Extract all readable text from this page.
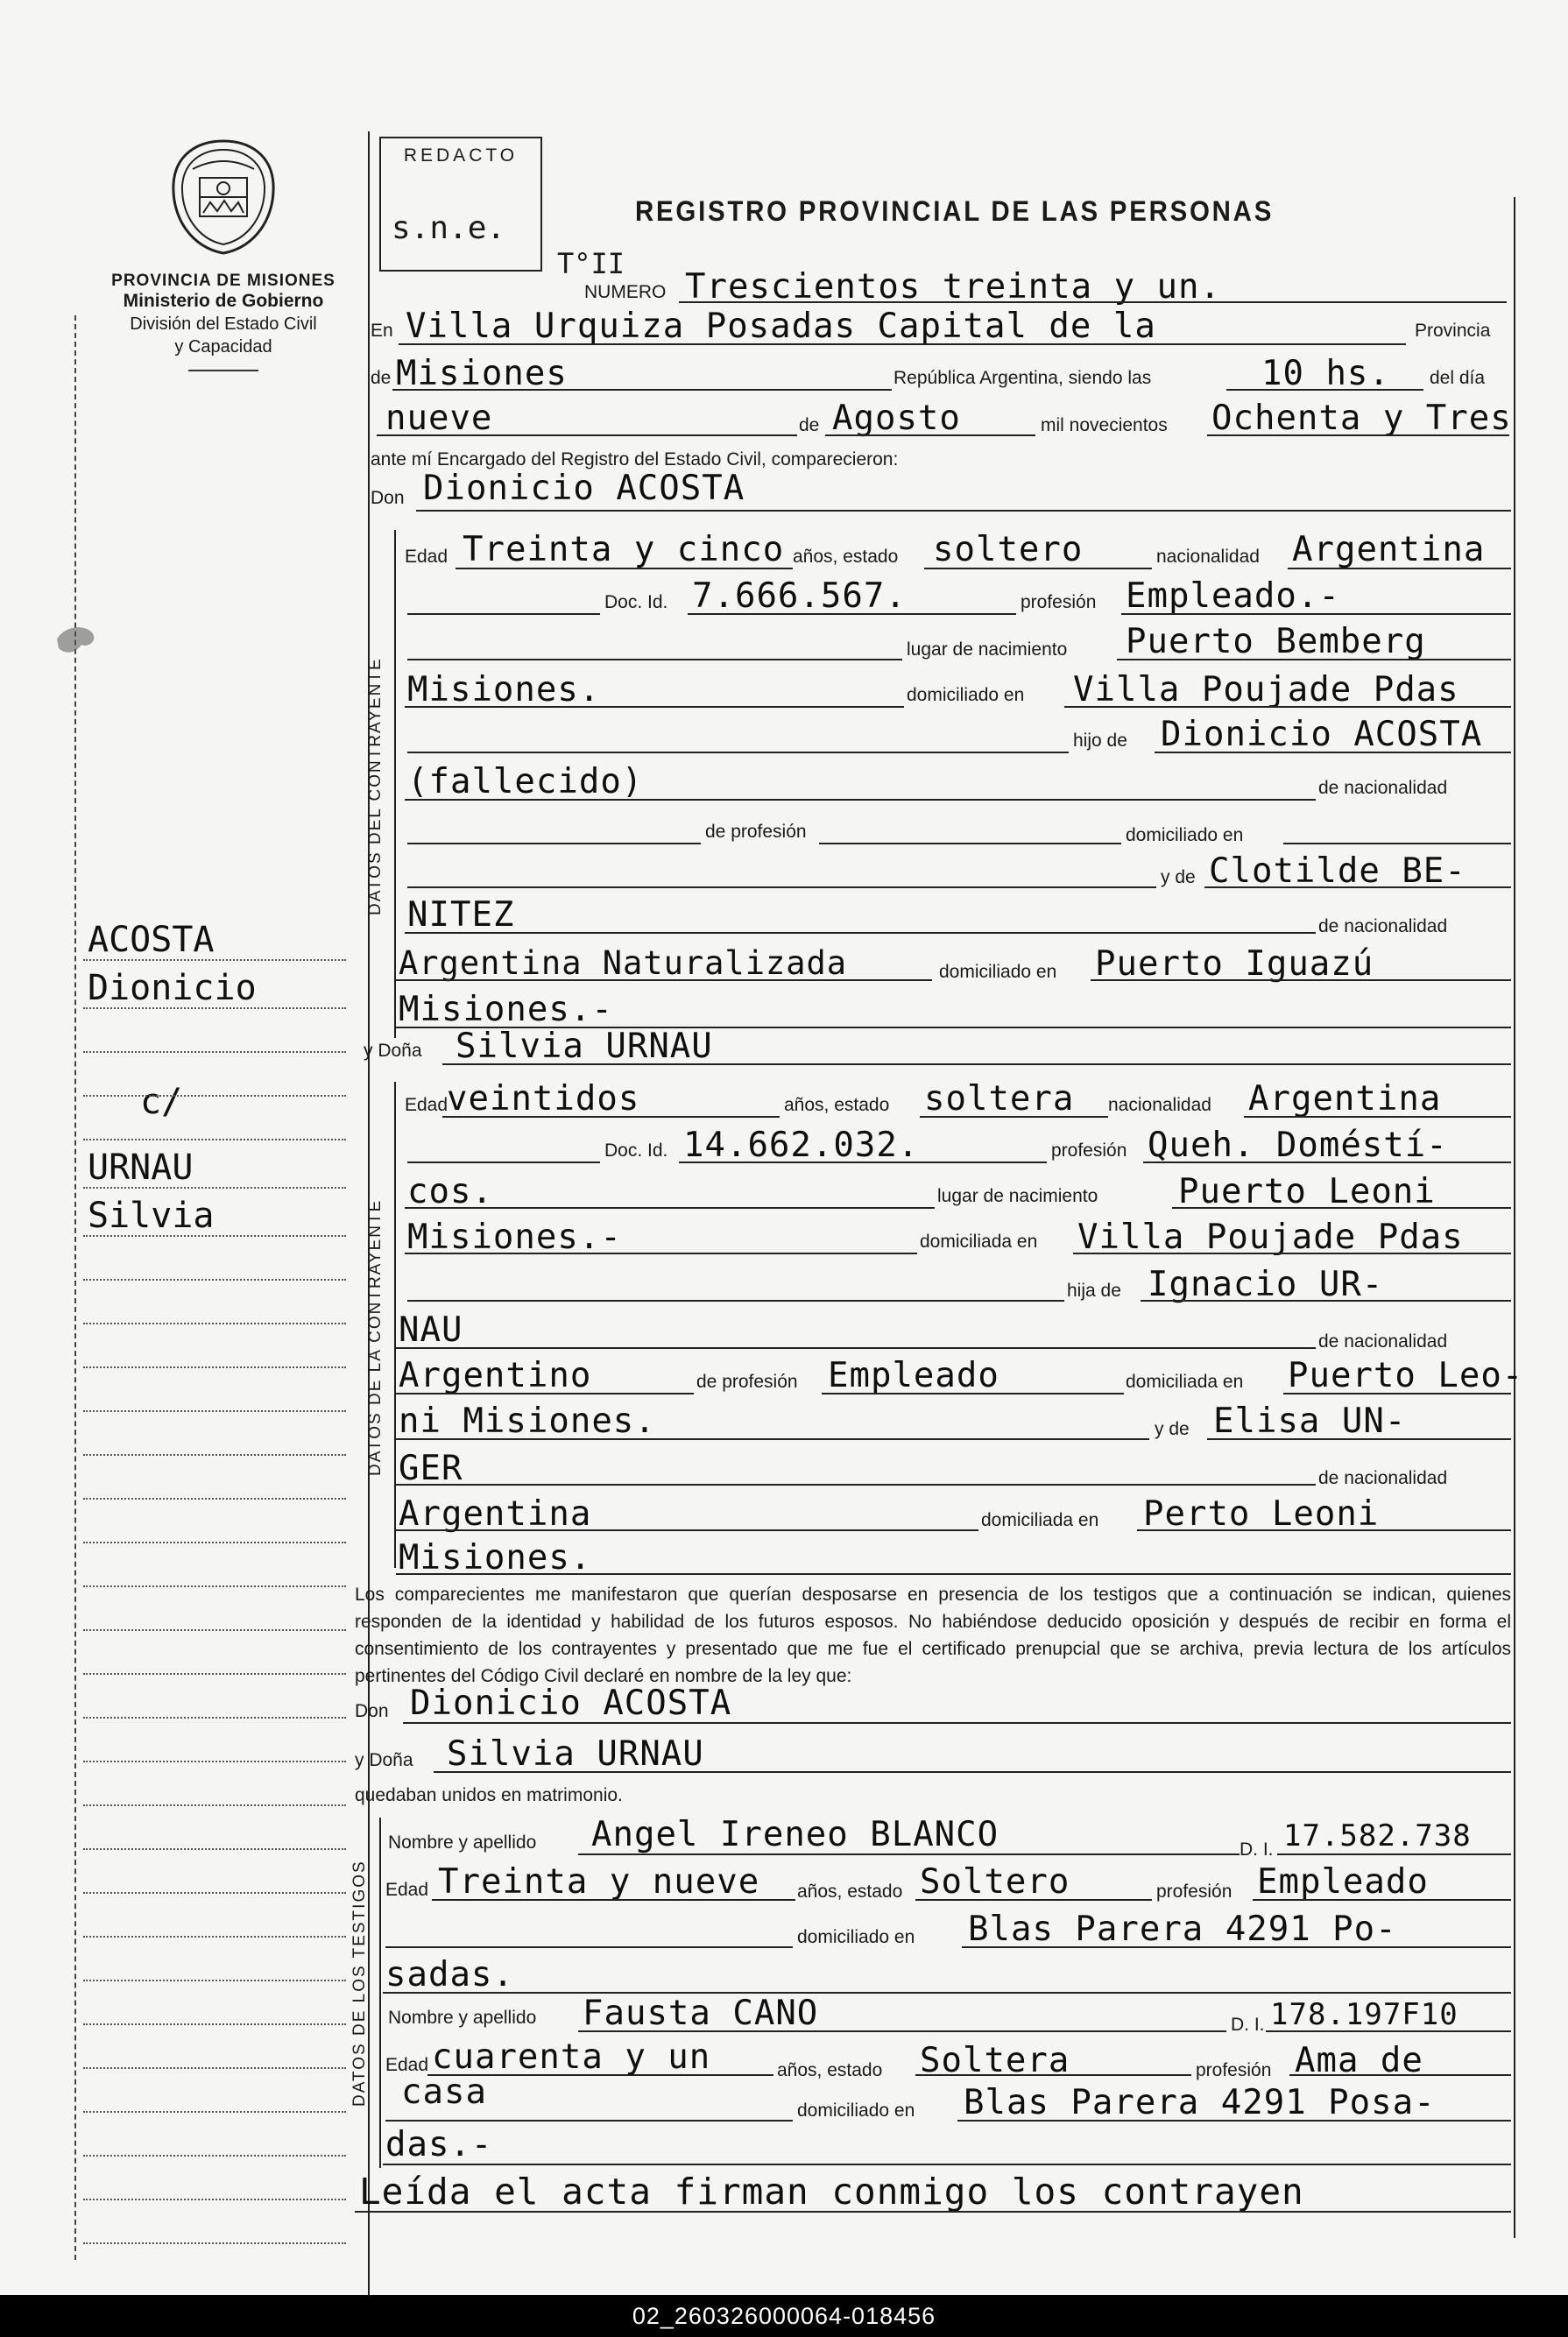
PROVINCIA DE MISIONES
Ministerio de Gobierno
División del Estado Civil
y Capacidad
ACOSTA
Dionicio
c/
URNAU
Silvia
REDACTO
s.n.e.	REGISTRO PROVINCIAL DE LAS PERSONAS
T°II
NUMERO Trescientos treinta y un.
En Villa Urquiza Posadas Capital de la	Provincia
de Misiones	República Argentina, siendo las	10 hs. del día
nueve	de Agosto	mil novecientos Ochenta y Tres
ante mí Encargado del Registro del Estado Civil, comparecieron:
Don Dionicio ACOSTA
DATOS DEL CONTRAYENTE
Edad Treinta y cinco años, estado soltero	nacionalidad Argentina
Doc. Id. 7.666.567.	profesión Empleado.-
lugar de nacimiento Puerto Bemberg
Misiones.	domiciliado en Villa Poujade Pdas
hijo de Dionicio ACOSTA
(fallecido)	de nacionalidad
de profesión	domiciliado en
y de Clotilde BE-
NITEZ	de nacionalidad
Argentina Naturalizada	domiciliado en Puerto Iguazú
Misiones.-
y Doña Silvia URNAU
DATOS DE LA CONTRAYENTE
Edad
veintidos	años, estado soltera nacionalidad Argentina
Doc. Id. 14.662.032.	profesión Queh. Doméstí-
cos.	lugar de nacimiento Puerto Leoni
Misiones.-	domiciliada en Villa Poujade Pdas
hija de Ignacio UR-
NAU	de nacionalidad
Argentino	de profesión Empleado	domiciliada en Puerto Leo-
ni Misiones.	y de Elisa UN-
GER	de nacionalidad
Argentina	domiciliada en Perto Leoni
Misiones.
Los comparecientes me manifestaron que querían desposarse en presencia de los testigos que a continuación se indican, quienes responden de la identidad y habilidad de los futuros esposos. No habiéndose deducido oposición y después de recibir en forma el consentimiento de los contrayentes y presentado que me fue el certificado prenupcial que se archiva, previa lectura de los artículos pertinentes del Código Civil declaré en nombre de la ley que:
Don Dionicio ACOSTA
y Doña Silvia URNAU
quedaban unidos en matrimonio.
DATOS DE LOS TESTIGOS
Nombre y apellido Angel Ireneo BLANCO	D. I. 17.582.738
Edad Treinta y nueve años, estado Soltero	profesión Empleado
domiciliado en Blas Parera 4291 Po-
sadas.
Nombre y apellido Fausta CANO	D. I. 178.197F10
Edad cuarenta y un	años, estado Soltera	profesión Ama de
casa	domiciliado en Blas Parera 4291 Posa-
das.-
Leída el acta firman conmigo los contrayen
02_260326000064-018456
